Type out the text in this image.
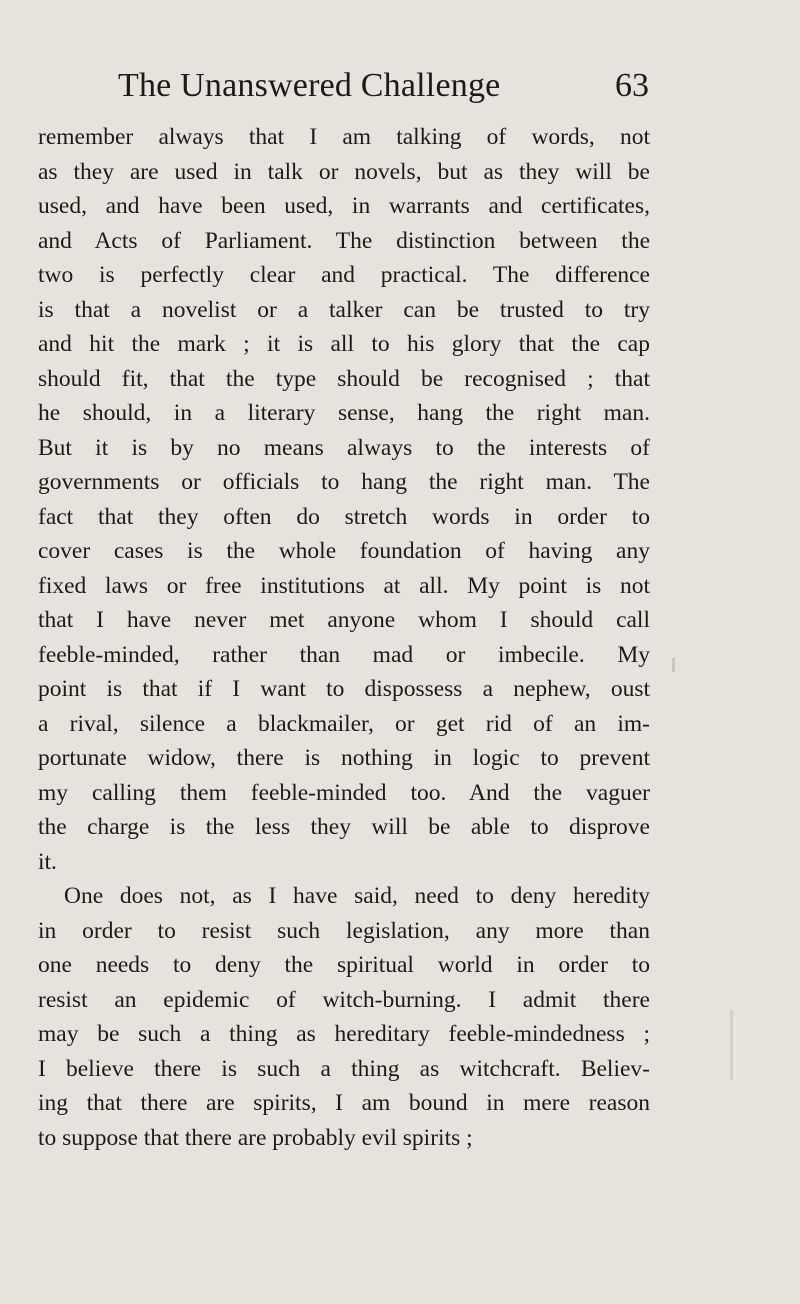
The Unanswered Challenge	63
remember always that I am talking of words, not
as they are used in talk or novels, but as they will be
used, and have been used, in warrants and certificates,
and Acts of Parliament. The distinction between the
two is perfectly clear and practical. The difference
is that a novelist or a talker can be trusted to try
and hit the mark ; it is all to his glory that the cap
should fit, that the type should be recognised ; that
he should, in a literary sense, hang the right man.
But it is by no means always to the interests of
governments or officials to hang the right man. The
fact that they often do stretch words in order to
cover cases is the whole foundation of having any
fixed laws or free institutions at all. My point is not
that I have never met anyone whom I should call
feeble-minded, rather than mad or imbecile. My
point is that if I want to dispossess a nephew, oust
a rival, silence a blackmailer, or get rid of an im-
portunate widow, there is nothing in logic to prevent
my calling them feeble-minded too. And the vaguer
the charge is the less they will be able to disprove
it.
One does not, as I have said, need to deny heredity
in order to resist such legislation, any more than
one needs to deny the spiritual world in order to
resist an epidemic of witch-burning. I admit there
may be such a thing as hereditary feeble-mindedness ;
I believe there is such a thing as witchcraft. Believ-
ing that there are spirits, I am bound in mere reason
to suppose that there are probably evil spirits ;
